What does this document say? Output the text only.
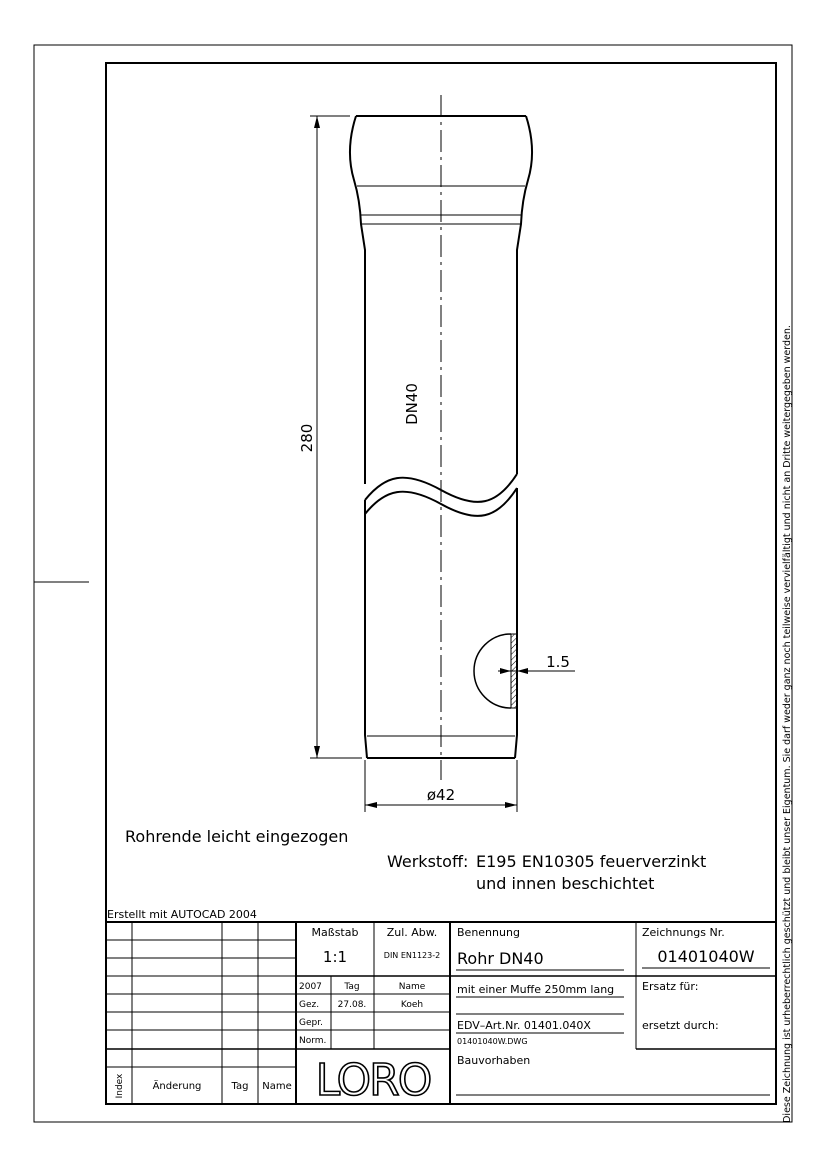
Diese Zeichnung ist urheberrechtlich geschützt und bleibt unser Eigentum. Sie darf weder ganz noch teilweise vervielfältigt und nicht an Dritte weitergegeben werden.
280
DN40
1.5
ø42
Rohrende leicht eingezogen
Werkstoff: E195 EN10305 feuerverzinkt
und innen beschichtet
Erstellt mit AUTOCAD 2004
Index	Änderung	Tag Name
Maßstab
1:1
Zul. Abw.
DIN EN1123-2
2007 Tag	Name
Gez. 27.08.	Koeh
Gepr.
Norm.
Benennung
Rohr DN40
mit einer Muffe 250mm lang
EDV–Art.Nr. 01401.040X
01401040W.DWG
Zeichnungs Nr.
01401040W
Ersatz für:
ersetzt durch:
Bauvorhaben
LORO
